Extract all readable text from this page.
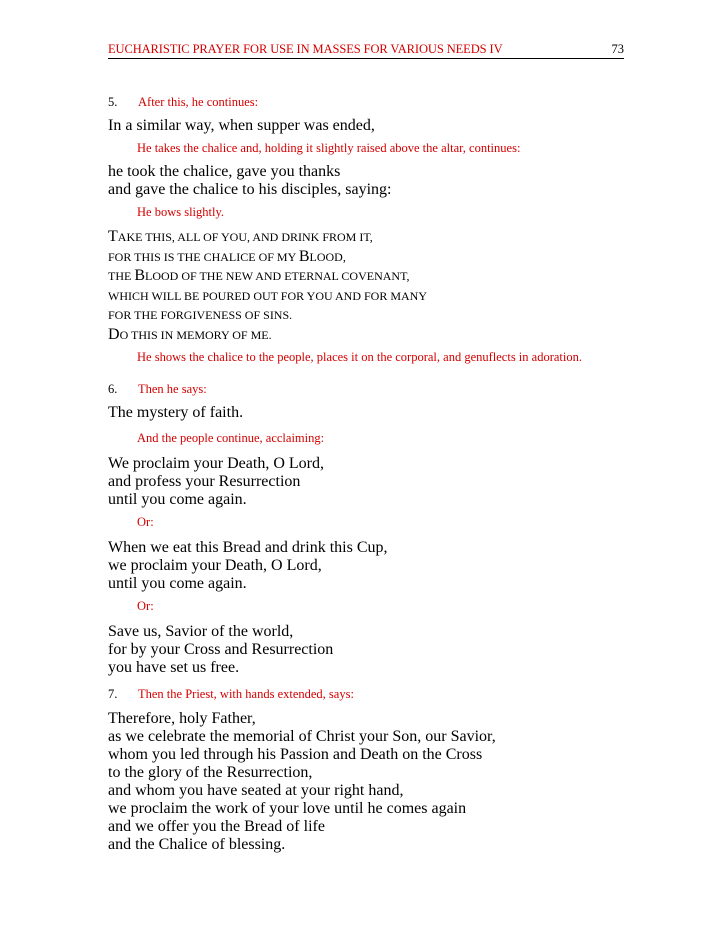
EUCHARISTIC PRAYER FOR USE IN MASSES FOR VARIOUS NEEDS IV	73
5. After this, he continues:
In a similar way, when supper was ended,
He takes the chalice and, holding it slightly raised above the altar, continues:
he took the chalice, gave you thanks
and gave the chalice to his disciples, saying:
He bows slightly.
TAKE THIS, ALL OF YOU, AND DRINK FROM IT,
FOR THIS IS THE CHALICE OF MY BLOOD,
THE BLOOD OF THE NEW AND ETERNAL COVENANT,
WHICH WILL BE POURED OUT FOR YOU AND FOR MANY
FOR THE FORGIVENESS OF SINS.
DO THIS IN MEMORY OF ME.
He shows the chalice to the people, places it on the corporal, and genuflects in adoration.
6. Then he says:
The mystery of faith.
And the people continue, acclaiming:
We proclaim your Death, O Lord,
and profess your Resurrection
until you come again.
Or:
When we eat this Bread and drink this Cup,
we proclaim your Death, O Lord,
until you come again.
Or:
Save us, Savior of the world,
for by your Cross and Resurrection
you have set us free.
7. Then the Priest, with hands extended, says:
Therefore, holy Father,
as we celebrate the memorial of Christ your Son, our Savior,
whom you led through his Passion and Death on the Cross
to the glory of the Resurrection,
and whom you have seated at your right hand,
we proclaim the work of your love until he comes again
and we offer you the Bread of life
and the Chalice of blessing.
